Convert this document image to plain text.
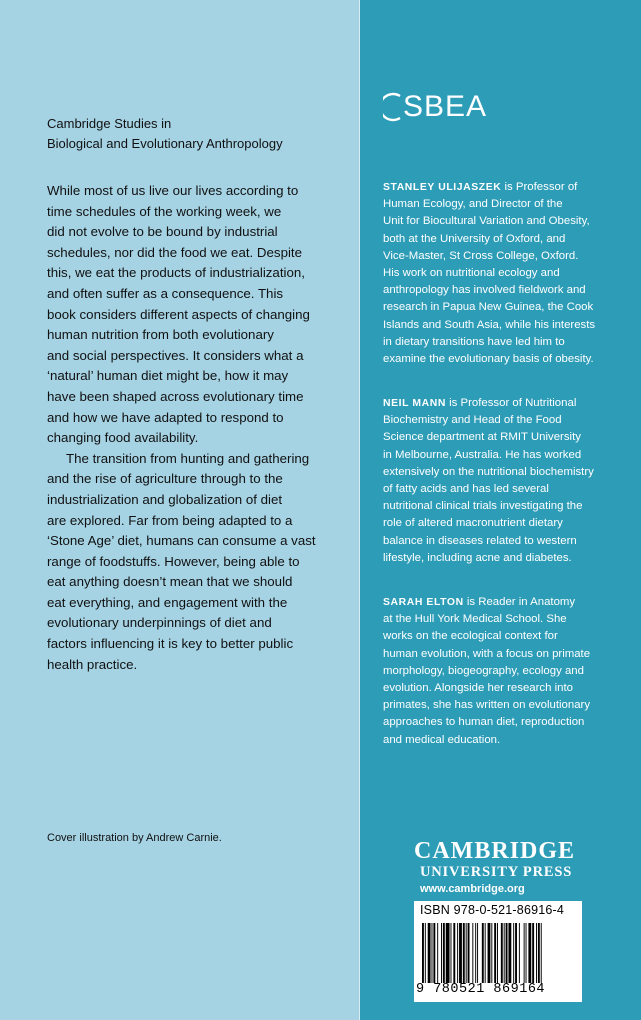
Cambridge Studies in
Biological and Evolutionary Anthropology

While most of us live our lives according to
time schedules of the working week, we
did not evolve to be bound by industrial
schedules, nor did the food we eat. Despite
this, we eat the products of industrialization,
and often suffer as a consequence. This
book considers different aspects of changing
human nutrition from both evolutionary
and social perspectives. It considers what a
‘natural’ human diet might be, how it may
have been shaped across evolutionary time
and how we have adapted to respond to
changing food availability.

The transition from hunting and gathering
and the rise of agriculture through to the
industrialization and globalization of diet
are explored. Far from being adapted to a
‘Stone Age’ diet, humans can consume a vast
range of foodstuffs. However, being able to
eat anything doesn’t mean that we should
eat everything, and engagement with the
evolutionary underpinnings of diet and
factors influencing it is key to better public
health practice.

Cover illustration by Andrew Carnie.
C SBEA
STANLEY ULIJASZEK is Professor of
Human Ecology, and Director of the
Unit for Biocultural Variation and Obesity,
both at the University of Oxford, and
Vice-Master, St Cross College, Oxford.
His work on nutritional ecology and
anthropology has involved fieldwork and
research in Papua New Guinea, the Cook
Islands and South Asia, while his interests
in dietary transitions have led him to
examine the evolutionary basis of obesity.
NEIL MANN is Professor of Nutritional
Biochemistry and Head of the Food
Science department at RMIT University
in Melbourne, Australia. He has worked
extensively on the nutritional biochemistry
of fatty acids and has led several
nutritional clinical trials investigating the
role of altered macronutrient dietary
balance in diseases related to western
lifestyle, including acne and diabetes.
SARAH ELTON is Reader in Anatomy
at the Hull York Medical School. She
works on the ecological context for
human evolution, with a focus on primate
morphology, biogeography, ecology and
evolution. Alongside her research into
primates, she has written on evolutionary
approaches to human diet, reproduction
and medical education.
CAMBRIDGE
UNIVERSITY PRESS
www.cambridge.org
ISBN 978-0-521-86916-4
9 780521 869164
